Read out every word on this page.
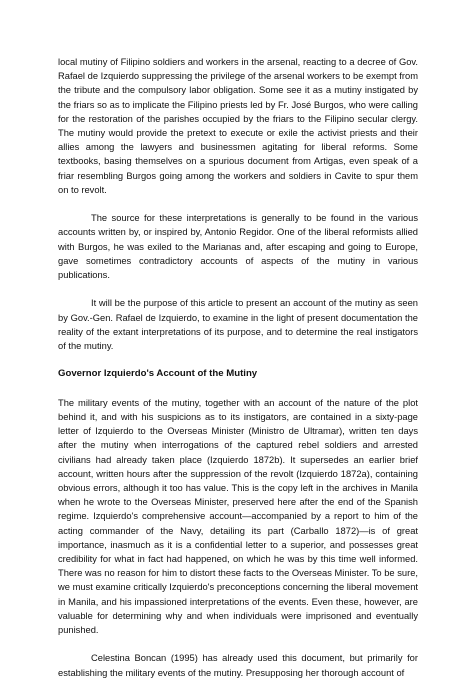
local mutiny of Filipino soldiers and workers in the arsenal, reacting to a decree of Gov. Rafael de Izquierdo suppressing the privilege of the arsenal workers to be exempt from the tribute and the compulsory labor obligation. Some see it as a mutiny instigated by the friars so as to implicate the Filipino priests led by Fr. José Burgos, who were calling for the restoration of the parishes occupied by the friars to the Filipino secular clergy. The mutiny would provide the pretext to execute or exile the activist priests and their allies among the lawyers and businessmen agitating for liberal reforms. Some textbooks, basing themselves on a spurious document from Artigas, even speak of a friar resembling Burgos going among the workers and soldiers in Cavite to spur them on to revolt.

The source for these interpretations is generally to be found in the various accounts written by, or inspired by, Antonio Regidor. One of the liberal reformists allied with Burgos, he was exiled to the Marianas and, after escaping and going to Europe, gave sometimes contradictory accounts of aspects of the mutiny in various publications.

It will be the purpose of this article to present an account of the mutiny as seen by Gov.-Gen. Rafael de Izquierdo, to examine in the light of present documentation the reality of the extant interpretations of its purpose, and to determine the real instigators of the mutiny.

Governor Izquierdo's Account of the Mutiny

The military events of the mutiny, together with an account of the nature of the plot behind it, and with his suspicions as to its instigators, are contained in a sixty-page letter of Izquierdo to the Overseas Minister (Ministro de Ultramar), written ten days after the mutiny when interrogations of the captured rebel soldiers and arrested civilians had already taken place (Izquierdo 1872b). It supersedes an earlier brief account, written hours after the suppression of the revolt (Izquierdo 1872a), containing obvious errors, although it too has value. This is the copy left in the archives in Manila when he wrote to the Overseas Minister, preserved here after the end of the Spanish regime. Izquierdo's comprehensive account—accompanied by a report to him of the acting commander of the Navy, detailing its part (Carballo 1872)—is of great importance, inasmuch as it is a confidential letter to a superior, and possesses great credibility for what in fact had happened, on which he was by this time well informed. There was no reason for him to distort these facts to the Overseas Minister. To be sure, we must examine critically Izquierdo's preconceptions concerning the liberal movement in Manila, and his impassioned interpretations of the events. Even these, however, are valuable for determining why and when individuals were imprisoned and eventually punished.

Celestina Boncan (1995) has already used this document, but primarily for establishing the military events of the mutiny. Presupposing her thorough account of
